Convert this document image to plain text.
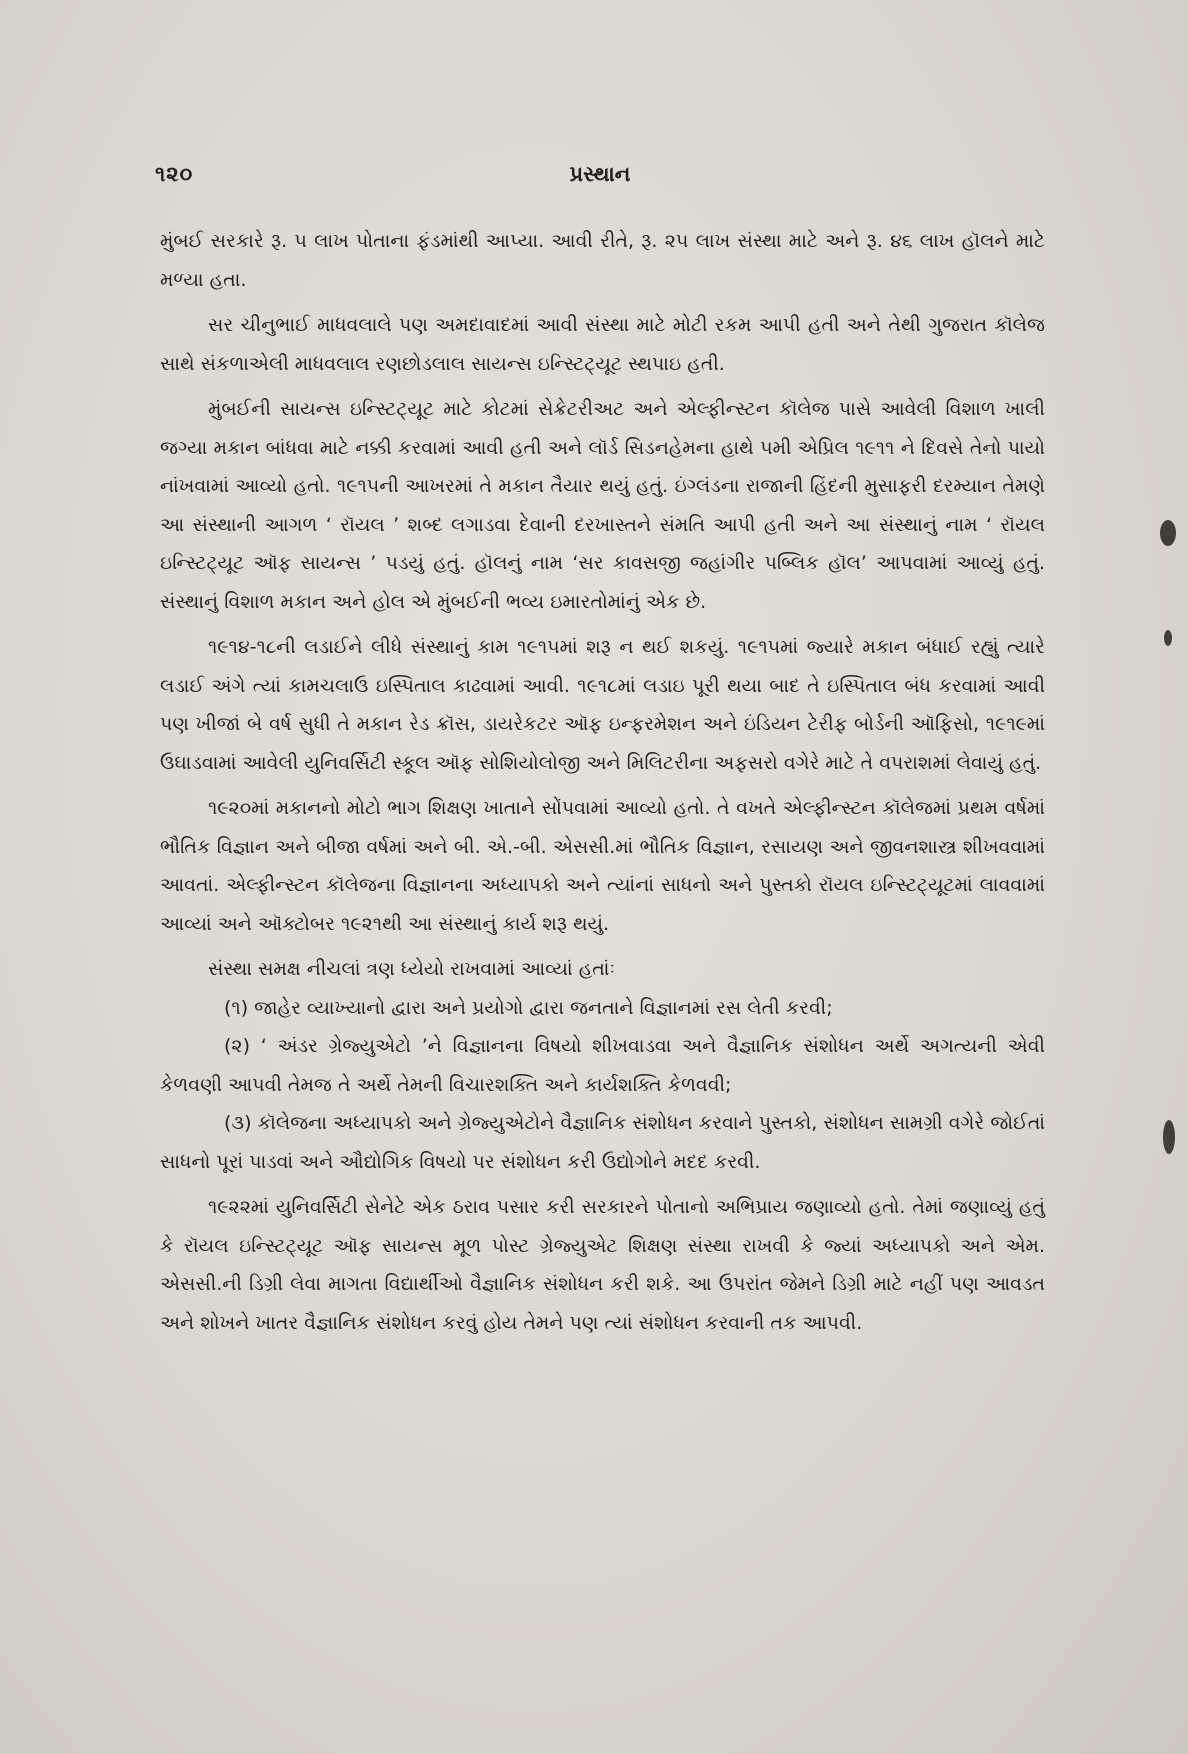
૧૨૦	પ્રસ્થાન

મુંબઈ સરકારે રૂ. ૫ લાખ પોતાના ફંડમાંથી આપ્યા. આવી રીતે, રૂ. ૨૫ લાખ સંસ્થા માટે અને રૂ. ૪૬ લાખ હૉલને માટે મળ્યા હતા.

સર ચીનુભાઈ માધવલાલે પણ અમદાવાદમાં આવી સંસ્થા માટે મોટી રકમ આપી હતી અને તેથી ગુજરાત કૉલેજ સાથે સંકળાએલી માધવલાલ રણછોડલાલ સાયન્સ ઇન્સ્ટિટ્યૂટ સ્થપાઇ હતી.

મુંબઈની સાયન્સ ઇન્સ્ટિટ્યૂટ માટે કોટમાં સેક્રેટરીઅટ અને એલ્ફીન્સ્ટન કૉલેજ પાસે આવેલી વિશાળ ખાલી જગ્યા મકાન બાંધવા માટે નક્કી કરવામાં આવી હતી અને લૉર્ડ સિડનહેમના હાથે ૫મી એપ્રિલ ૧૯૧૧ ને દિવસે તેનો પાયો નાંખવામાં આવ્યો હતો. ૧૯૧૫ની આખરમાં તે મકાન તૈયાર થયું હતું. ઇંગ્લંડના રાજાની હિંદની મુસાફરી દરમ્યાન તેમણે આ સંસ્થાની આગળ ‘ રૉયલ ’ શબ્દ લગાડવા દેવાની દરખાસ્તને સંમતિ આપી હતી અને આ સંસ્થાનું નામ ‘ રૉયલ ઇન્સ્ટિટ્યૂટ ઑફ સાયન્સ ’ પડયું હતું. હૉલનું નામ ‘સર કાવસજી જહાંગીર પબ્લિક હૉલ’ આપવામાં આવ્યું હતું. સંસ્થાનું વિશાળ મકાન અને હોલ એ મુંબઈની ભવ્ય ઇમારતોમાંનું એક છે.

૧૯૧૪-૧૮ની લડાઈને લીધે સંસ્થાનું કામ ૧૯૧૫માં શરૂ ન થઈ શકયું. ૧૯૧૫માં જ્યારે મકાન બંધાઈ રહ્યું ત્યારે લડાઈ અંગે ત્યાં કામચલાઉ ઇસ્પિતાલ કાઢવામાં આવી. ૧૯૧૮માં લડાઇ પૂરી થયા બાદ તે ઇસ્પિતાલ બંધ કરવામાં આવી પણ ખીજાં બે વર્ષ સુધી તે મકાન રેડ ક્રૉસ, ડાયરેકટર ઑફ ઇન્ફરમેશન અને ઇંડિયન ટેરીફ બોર્ડની ઑફિસો, ૧૯૧૯માં ઉઘાડવામાં આવેલી યુનિવર્સિટી સ્કૂલ ઑફ સોશિયોલોજી અને મિલિટરીના અફસરો વગેરે માટે તે વપરાશમાં લેવાયું હતું.

૧૯૨૦માં મકાનનો મોટો ભાગ શિક્ષણ ખાતાને સોંપવામાં આવ્યો હતો. તે વખતે એલ્ફીન્સ્ટન કૉલેજમાં પ્રથમ વર્ષમાં ભૌતિક વિજ્ઞાન અને બીજા વર્ષમાં અને બી. એ.-બી. એસસી.માં ભૌતિક વિજ્ઞાન, રસાયણ અને જીવનશાસ્ત્ર શીખવવામાં આવતાં. એલ્ફીન્સ્ટન કૉલેજના વિજ્ઞાનના અધ્યાપકો અને ત્યાંનાં સાધનો અને પુસ્તકો રૉયલ ઇન્સ્ટિટ્યૂટમાં લાવવામાં આવ્યાં અને ઑક્ટોબર ૧૯૨૧થી આ સંસ્થાનું કાર્ય શરૂ થયું.

સંસ્થા સમક્ષ નીચલાં ત્રણ ધ્યેયો રાખવામાં આવ્યાં હતાંઃ

(૧) જાહેર વ્યાખ્યાનો દ્વારા અને પ્રયોગો દ્વારા જનતાને વિજ્ઞાનમાં રસ લેતી કરવી;

(૨) ‘ અંડર ગ્રેજ્યુએટો ’ને વિજ્ઞાનના વિષયો શીખવાડવા અને વૈજ્ઞાનિક સંશોધન અર્થે અગત્યની એવી કેળવણી આપવી તેમજ તે અર્થે તેમની વિચારશક્તિ અને કાર્યશક્તિ કેળવવી;

(૩) કૉલેજના અધ્યાપકો અને ગ્રેજ્યુએટોને વૈજ્ઞાનિક સંશોધન કરવાને પુસ્તકો, સંશોધન સામગ્રી વગેરે જોઈતાં સાધનો પૂરાં પાડવાં અને ઔદ્યોગિક વિષયો પર સંશોધન કરી ઉદ્યોગોને મદદ કરવી.

૧૯૨૨માં યુનિવર્સિટી સેનેટે એક ઠરાવ પસાર કરી સરકારને પોતાનો અભિપ્રાય જણાવ્યો હતો. તેમાં જણાવ્યું હતું કે રૉયલ ઇન્સ્ટિટ્યૂટ ઑફ સાયન્સ મૂળ પોસ્ટ ગ્રેજ્યુએટ શિક્ષણ સંસ્થા રાખવી કે જ્યાં અધ્યાપકો અને એમ. એસસી.ની ડિગ્રી લેવા માગતા વિદ્યાર્થીઓ વૈજ્ઞાનિક સંશોધન કરી શકે. આ ઉપરાંત જેમને ડિગ્રી માટે નહીં પણ આવડત અને શોખને ખાતર વૈજ્ઞાનિક સંશોધન કરવું હોય તેમને પણ ત્યાં સંશોધન કરવાની તક આપવી.
